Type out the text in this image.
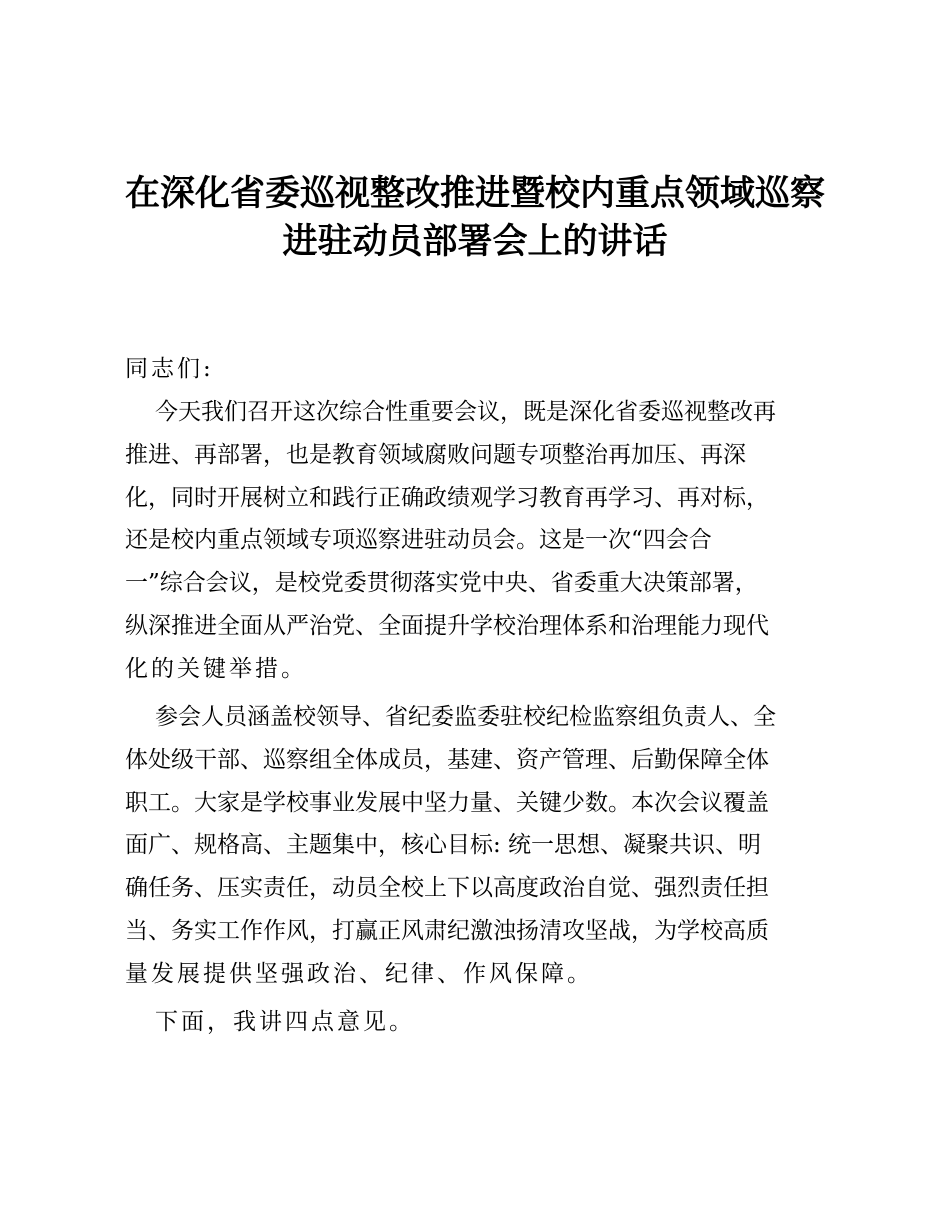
在深化省委巡视整改推进暨校内重点领域巡察
进驻动员部署会上的讲话

同志们:

今天我们召开这次综合性重要会议，既是深化省委巡视整改再
推进、再部署，也是教育领域腐败问题专项整治再加压、再深
化，同时开展树立和践行正确政绩观学习教育再学习、再对标，
还是校内重点领域专项巡察进驻动员会。这是一次“四会合
一”综合会议，是校党委贯彻落实党中央、省委重大决策部署，
纵深推进全面从严治党、全面提升学校治理体系和治理能力现代
化的关键举措。
参会人员涵盖校领导、省纪委监委驻校纪检监察组负责人、全
体处级干部、巡察组全体成员，基建、资产管理、后勤保障全体
职工。大家是学校事业发展中坚力量、关键少数。本次会议覆盖
面广、规格高、主题集中，核心目标: 统一思想、凝聚共识、明
确任务、压实责任，动员全校上下以高度政治自觉、强烈责任担
当、务实工作作风，打赢正风肃纪激浊扬清攻坚战，为学校高质
量发展提供坚强政治、纪律、作风保障。
下面，我讲四点意见。
